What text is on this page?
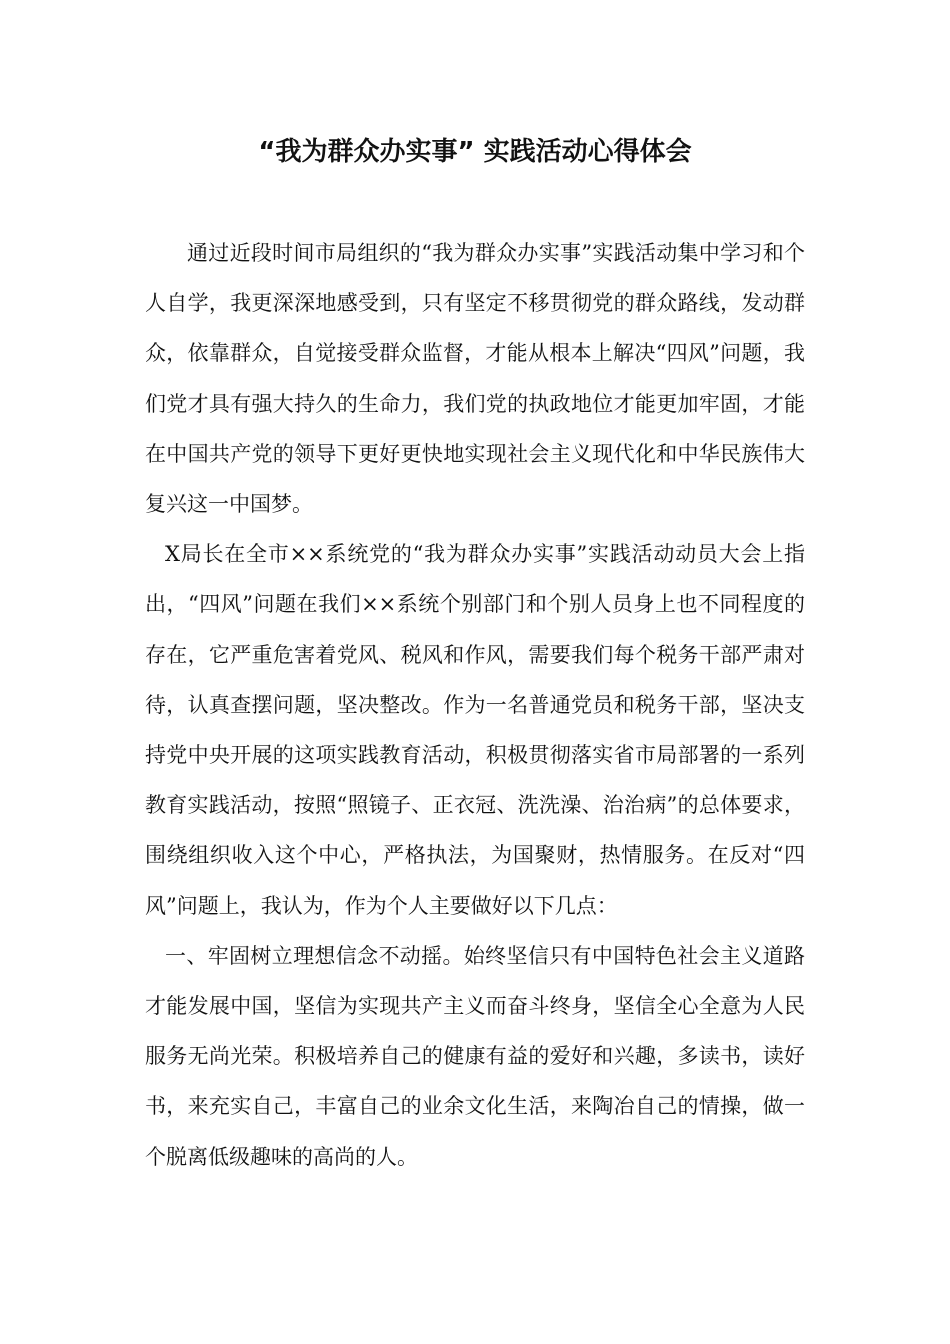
“我为群众办实事” 实践活动心得体会

通过近段时间市局组织的“我为群众办实事”实践活动集中学习和个人自学，我更深深地感受到，只有坚定不移贯彻党的群众路线，发动群众，依靠群众，自觉接受群众监督，才能从根本上解决“四风”问题，我们党才具有强大持久的生命力，我们党的执政地位才能更加牢固，才能在中国共产党的领导下更好更快地实现社会主义现代化和中华民族伟大复兴这一中国梦。

X局长在全市××系统党的“我为群众办实事”实践活动动员大会上指出，“四风”问题在我们××系统个别部门和个别人员身上也不同程度的存在，它严重危害着党风、税风和作风，需要我们每个税务干部严肃对待，认真查摆问题，坚决整改。作为一名普通党员和税务干部，坚决支持党中央开展的这项实践教育活动，积极贯彻落实省市局部署的一系列教育实践活动，按照“照镜子、正衣冠、洗洗澡、治治病”的总体要求，围绕组织收入这个中心，严格执法，为国聚财，热情服务。在反对“四风”问题上，我认为，作为个人主要做好以下几点：

一、牢固树立理想信念不动摇。始终坚信只有中国特色社会主义道路才能发展中国，坚信为实现共产主义而奋斗终身，坚信全心全意为人民服务无尚光荣。积极培养自己的健康有益的爱好和兴趣，多读书，读好书，来充实自己，丰富自己的业余文化生活，来陶冶自己的情操，做一个脱离低级趣味的高尚的人。
